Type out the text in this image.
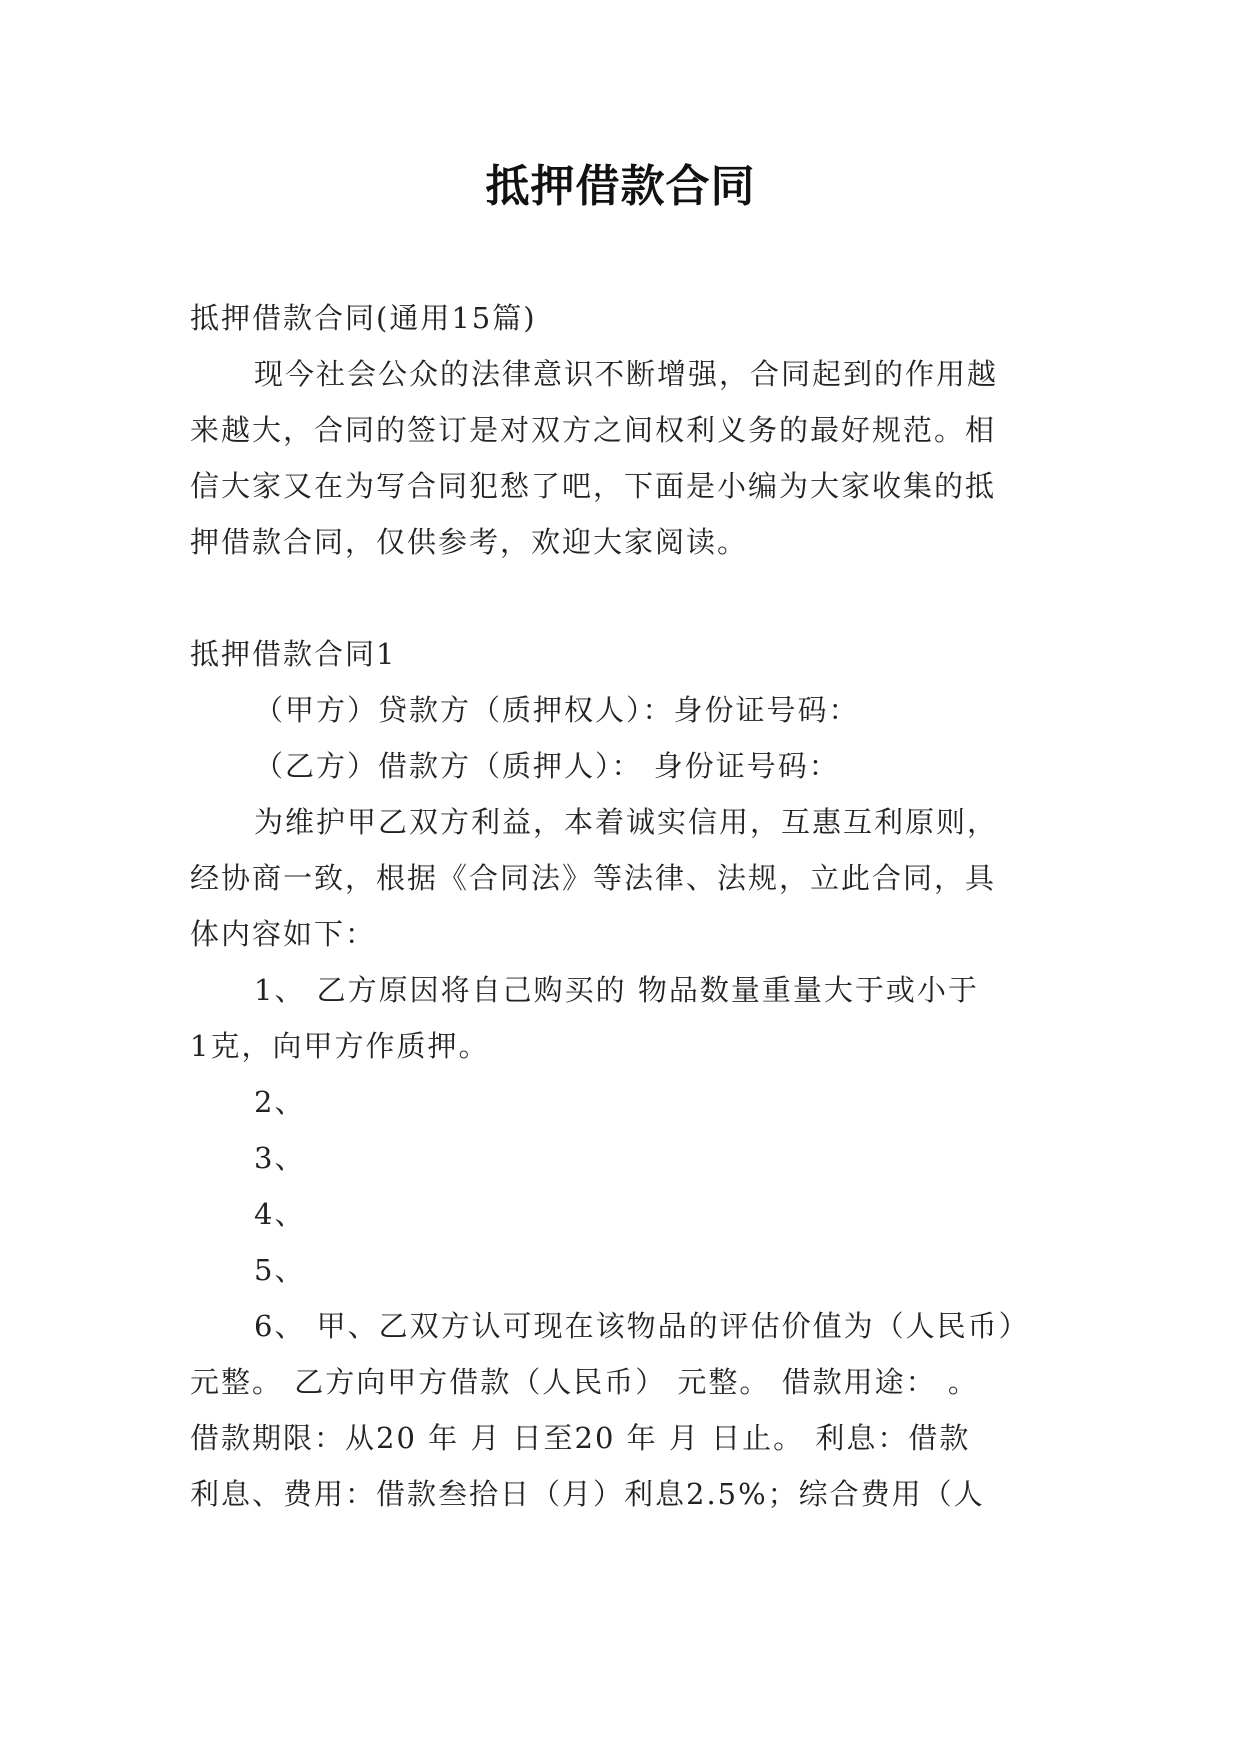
抵押借款合同
抵押借款合同(通用15篇)
现今社会公众的法律意识不断增强，合同起到的作用越
来越大，合同的签订是对双方之间权利义务的最好规范。相
信大家又在为写合同犯愁了吧，下面是小编为大家收集的抵
押借款合同，仅供参考，欢迎大家阅读。
抵押借款合同1
（甲方）贷款方（质押权人）：身份证号码：
（乙方）借款方（质押人）： 身份证号码：
为维护甲乙双方利益，本着诚实信用，互惠互利原则，
经协商一致，根据《合同法》等法律、法规，立此合同，具
体内容如下：
1、 乙方原因将自己购买的 物品数量重量大于或小于
1克，向甲方作质押。
2、
3、
4、
5、
6、 甲、乙双方认可现在该物品的评估价值为（人民币）
元整。 乙方向甲方借款（人民币） 元整。 借款用途： 。
借款期限：从20 年 月 日至20 年 月 日止。 利息：借款
利息、费用：借款叁拾日（月）利息2.5%；综合费用（人
